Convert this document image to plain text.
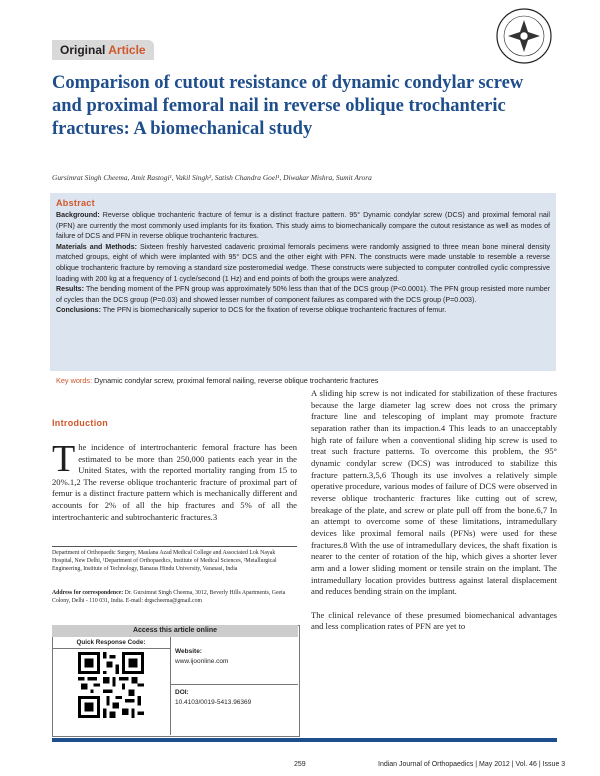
Original Article
Comparison of cutout resistance of dynamic condylar screw and proximal femoral nail in reverse oblique trochanteric fractures: A biomechanical study
Gursimrat Singh Cheema, Amit Rastogi¹, Vakil Singh², Satish Chandra Goel¹, Diwakar Mishra, Sumit Arora
Abstract

Background: Reverse oblique trochanteric fracture of femur is a distinct fracture pattern. 95° Dynamic condylar screw (DCS) and proximal femoral nail (PFN) are currently the most commonly used implants for its fixation. This study aims to biomechanically compare the cutout resistance as well as modes of failure of DCS and PFN in reverse oblique trochanteric fractures.

Materials and Methods: Sixteen freshly harvested cadaveric proximal femorals pecimens were randomly assigned to three mean bone mineral density matched groups, eight of which were implanted with 95° DCS and the other eight with PFN. The constructs were made unstable to resemble a reverse oblique trochanteric fracture by removing a standard size posteromedial wedge. These constructs were subjected to computer controlled cyclic compressive loading with 200 kg at a frequency of 1 cycle/second (1 Hz) and end points of both the groups were analyzed.

Results: The bending moment of the PFN group was approximately 50% less than that of the DCS group (P<0.0001). The PFN group resisted more number of cycles than the DCS group (P=0.03) and showed lesser number of component failures as compared with the DCS group (P=0.003).

Conclusions: The PFN is biomechanically superior to DCS for the fixation of reverse oblique trochanteric fractures of femur.

Key words: Dynamic condylar screw, proximal femoral nailing, reverse oblique trochanteric fractures
Introduction
The incidence of intertrochanteric femoral fracture has been estimated to be more than 250,000 patients each year in the United States, with the reported mortality ranging from 15 to 20%.1,2 The reverse oblique trochanteric fracture of proximal part of femur is a distinct fracture pattern which is mechanically different and accounts for 2% of all the hip fractures and 5% of all the intertrochanteric and subtrochanteric fractures.3
Department of Orthopaedic Surgery, Maulana Azad Medical College and Associated Lok Nayak Hospital, New Delhi, ¹Department of Orthopaedics, Institute of Medical Sciences, ²Metallurgical Engineering, Institute of Technology, Banaras Hindu University, Varanasi, India
Address for correspondence: Dr. Gursimrat Singh Cheema, 3012, Beverly Hills Apartments, Geeta Colony, Delhi - 110 031, India. E-mail: drgscheema@gmail.com
Access this article online
Quick Response Code:
Website:
www.ijoonline.com
DOI:
10.4103/0019-5413.96369

A sliding hip screw is not indicated for stabilization of these fractures because the large diameter lag screw does not cross the primary fracture line and telescoping of implant may promote fracture separation rather than its impaction.4 This leads to an unacceptably high rate of failure when a conventional sliding hip screw is used to treat such fracture patterns. To overcome this problem, the 95° dynamic condylar screw (DCS) was introduced to stabilize this fracture pattern.3,5,6 Though its use involves a relatively simple operative procedure, various modes of failure of DCS were observed in reverse oblique trochanteric fractures like cutting out of screw, breakage of the plate, and screw or plate pull off from the bone.6,7 In an attempt to overcome some of these limitations, intramedullary devices like proximal femoral nails (PFNs) were used for these fractures.8 With the use of intramedullary devices, the shaft fixation is nearer to the center of rotation of the hip, which gives a shorter lever arm and a lower sliding moment or tensile strain on the implant. The intramedullary location provides buttress against lateral displacement and reduces bending strain on the implant.

The clinical relevance of these presumed biomechanical advantages and less complication rates of PFN are yet to

259	Indian Journal of Orthopaedics | May 2012 | Vol. 46 | Issue 3
